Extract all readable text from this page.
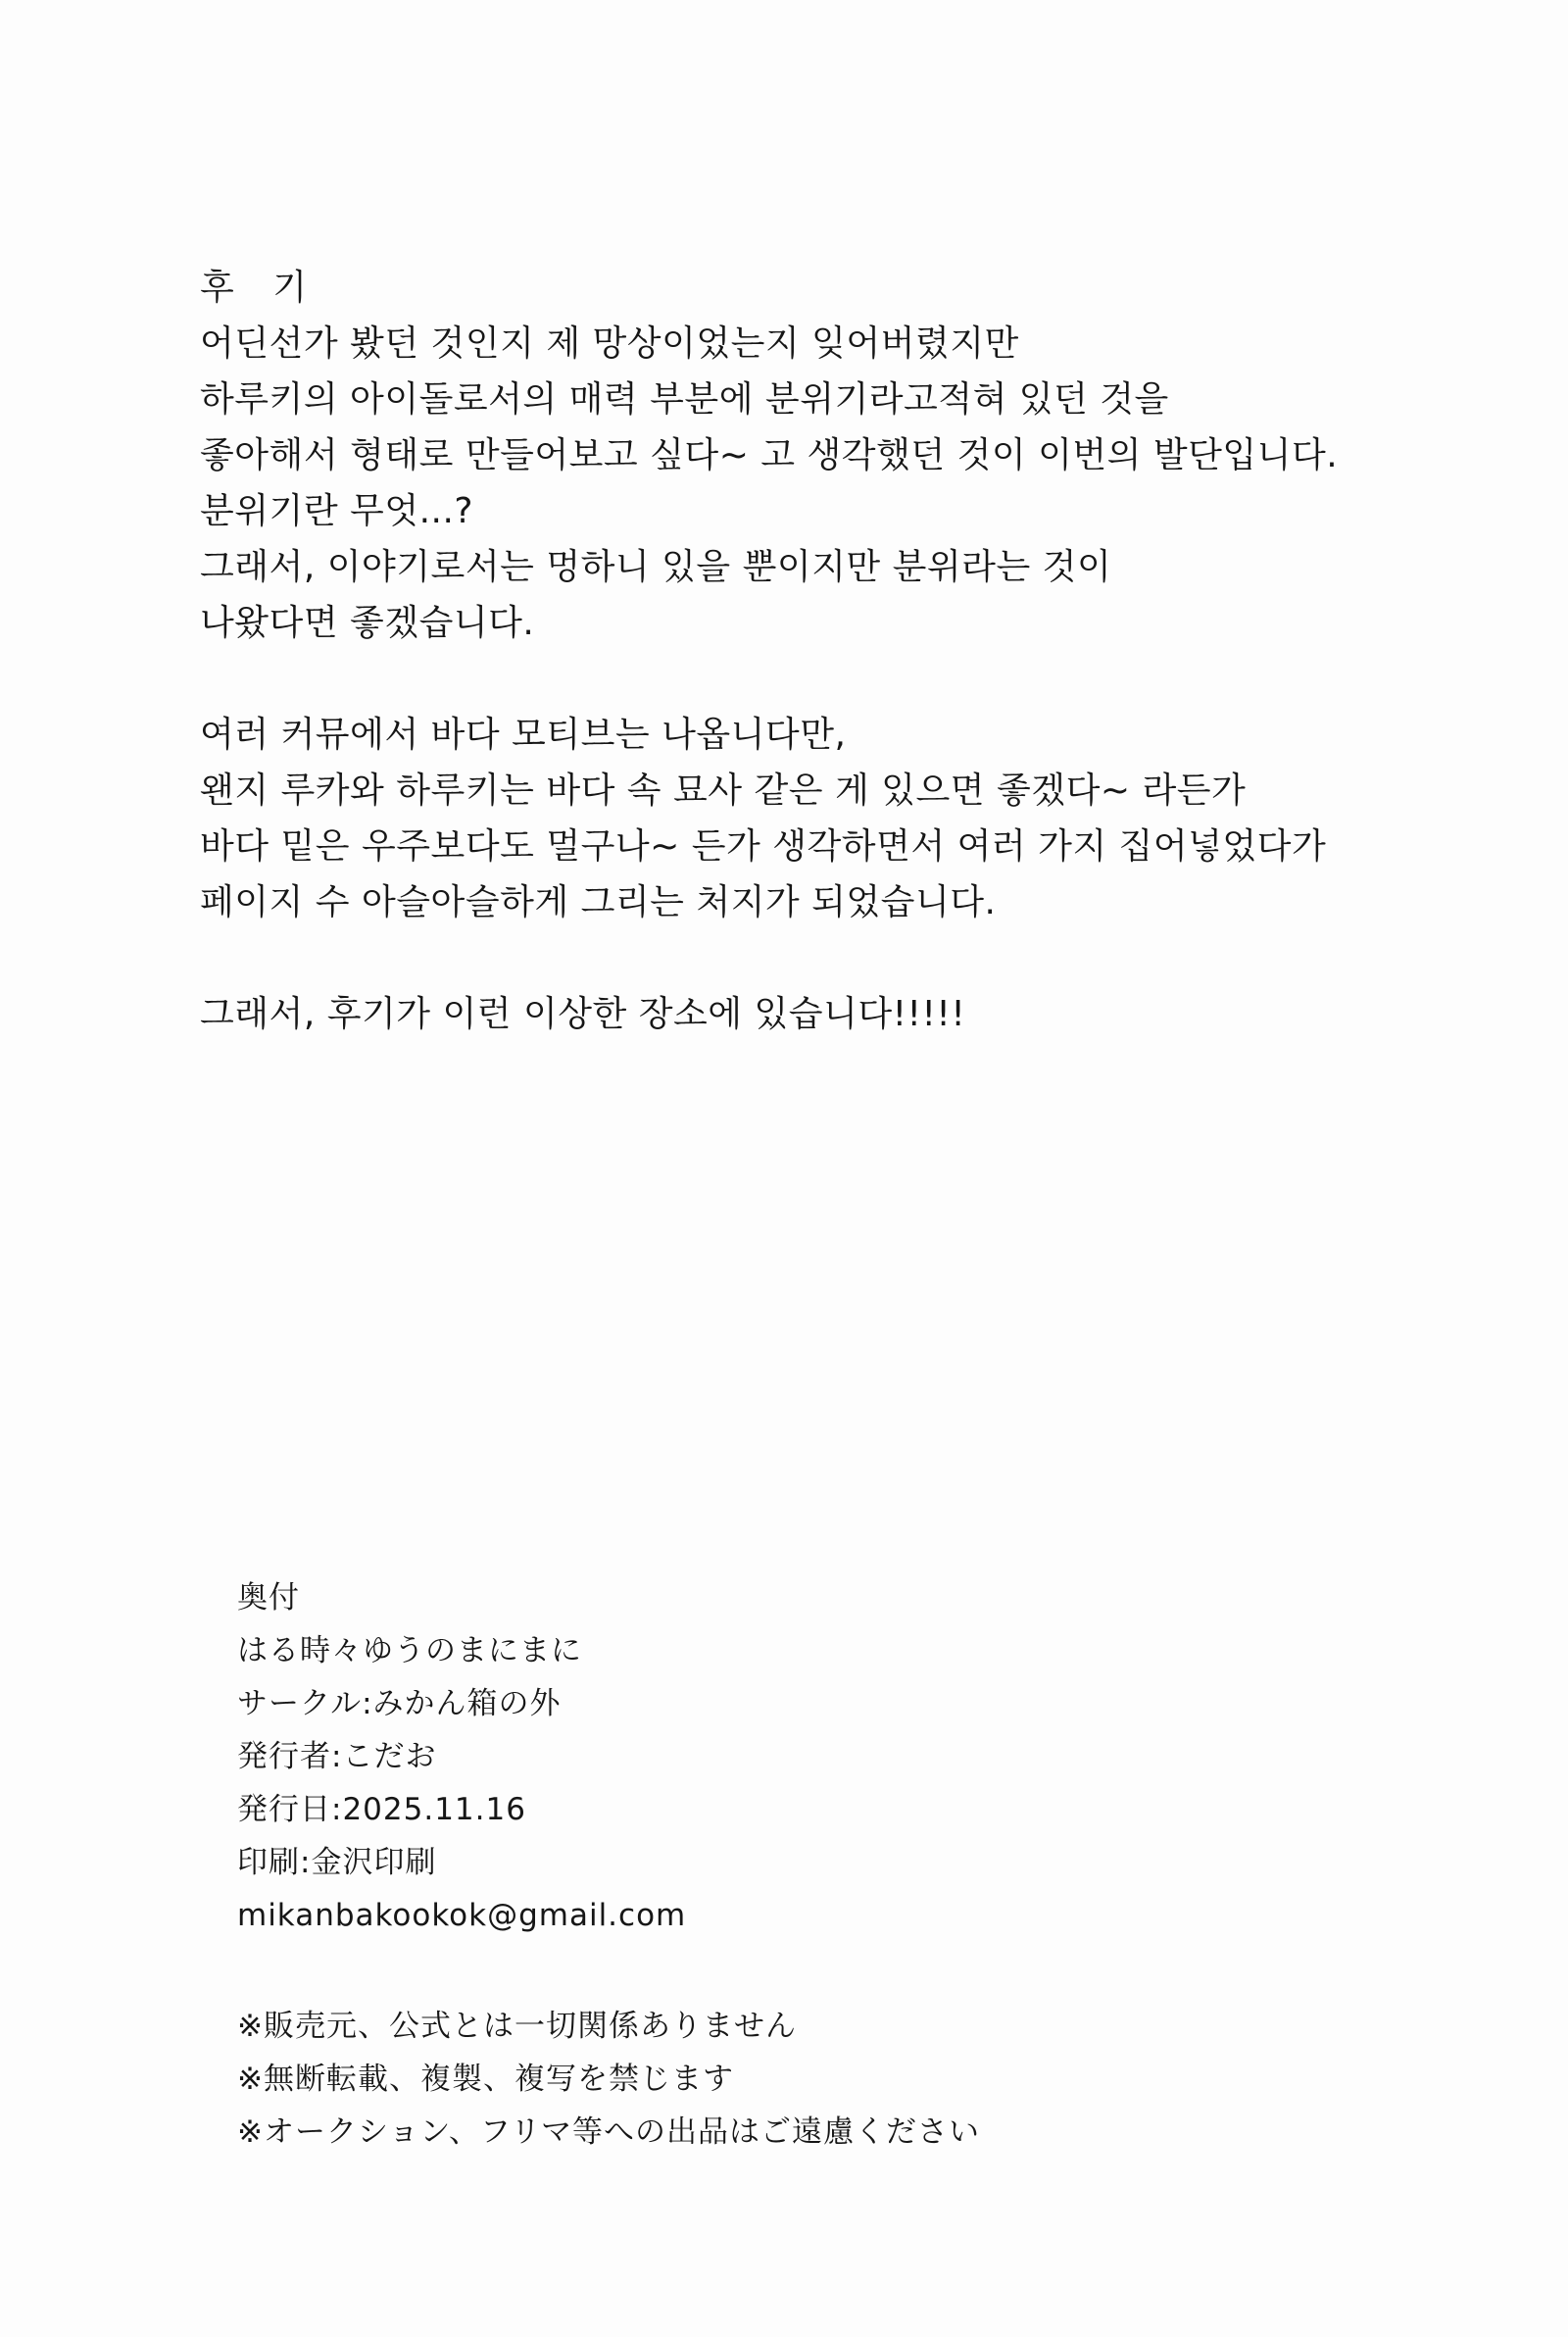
후 기
어딘선가 봤던 것인지 제 망상이었는지 잊어버렸지만
하루키의 아이돌로서의 매력 부분에 분위기라고적혀 있던 것을
좋아해서 형태로 만들어보고 싶다~ 고 생각했던 것이 이번의 발단입니다.
분위기란 무엇...?
그래서, 이야기로서는 멍하니 있을 뿐이지만 분위라는 것이
나왔다면 좋겠습니다.
여러 커뮤에서 바다 모티브는 나옵니다만,
왠지 루카와 하루키는 바다 속 묘사 같은 게 있으면 좋겠다~ 라든가
바다 밑은 우주보다도 멀구나~ 든가 생각하면서 여러 가지 집어넣었다가
페이지 수 아슬아슬하게 그리는 처지가 되었습니다.
그래서, 후기가 이런 이상한 장소에 있습니다!!!!!
奥付
はる時々ゆうのまにまに
サークル:みかん箱の外
発行者:こだお
発行日:2025.11.16
印刷:金沢印刷
mikanbakookok@gmail.com
※販売元、公式とは一切関係ありません
※無断転載、複製、複写を禁じます
※オークション、フリマ等への出品はご遠慮ください
